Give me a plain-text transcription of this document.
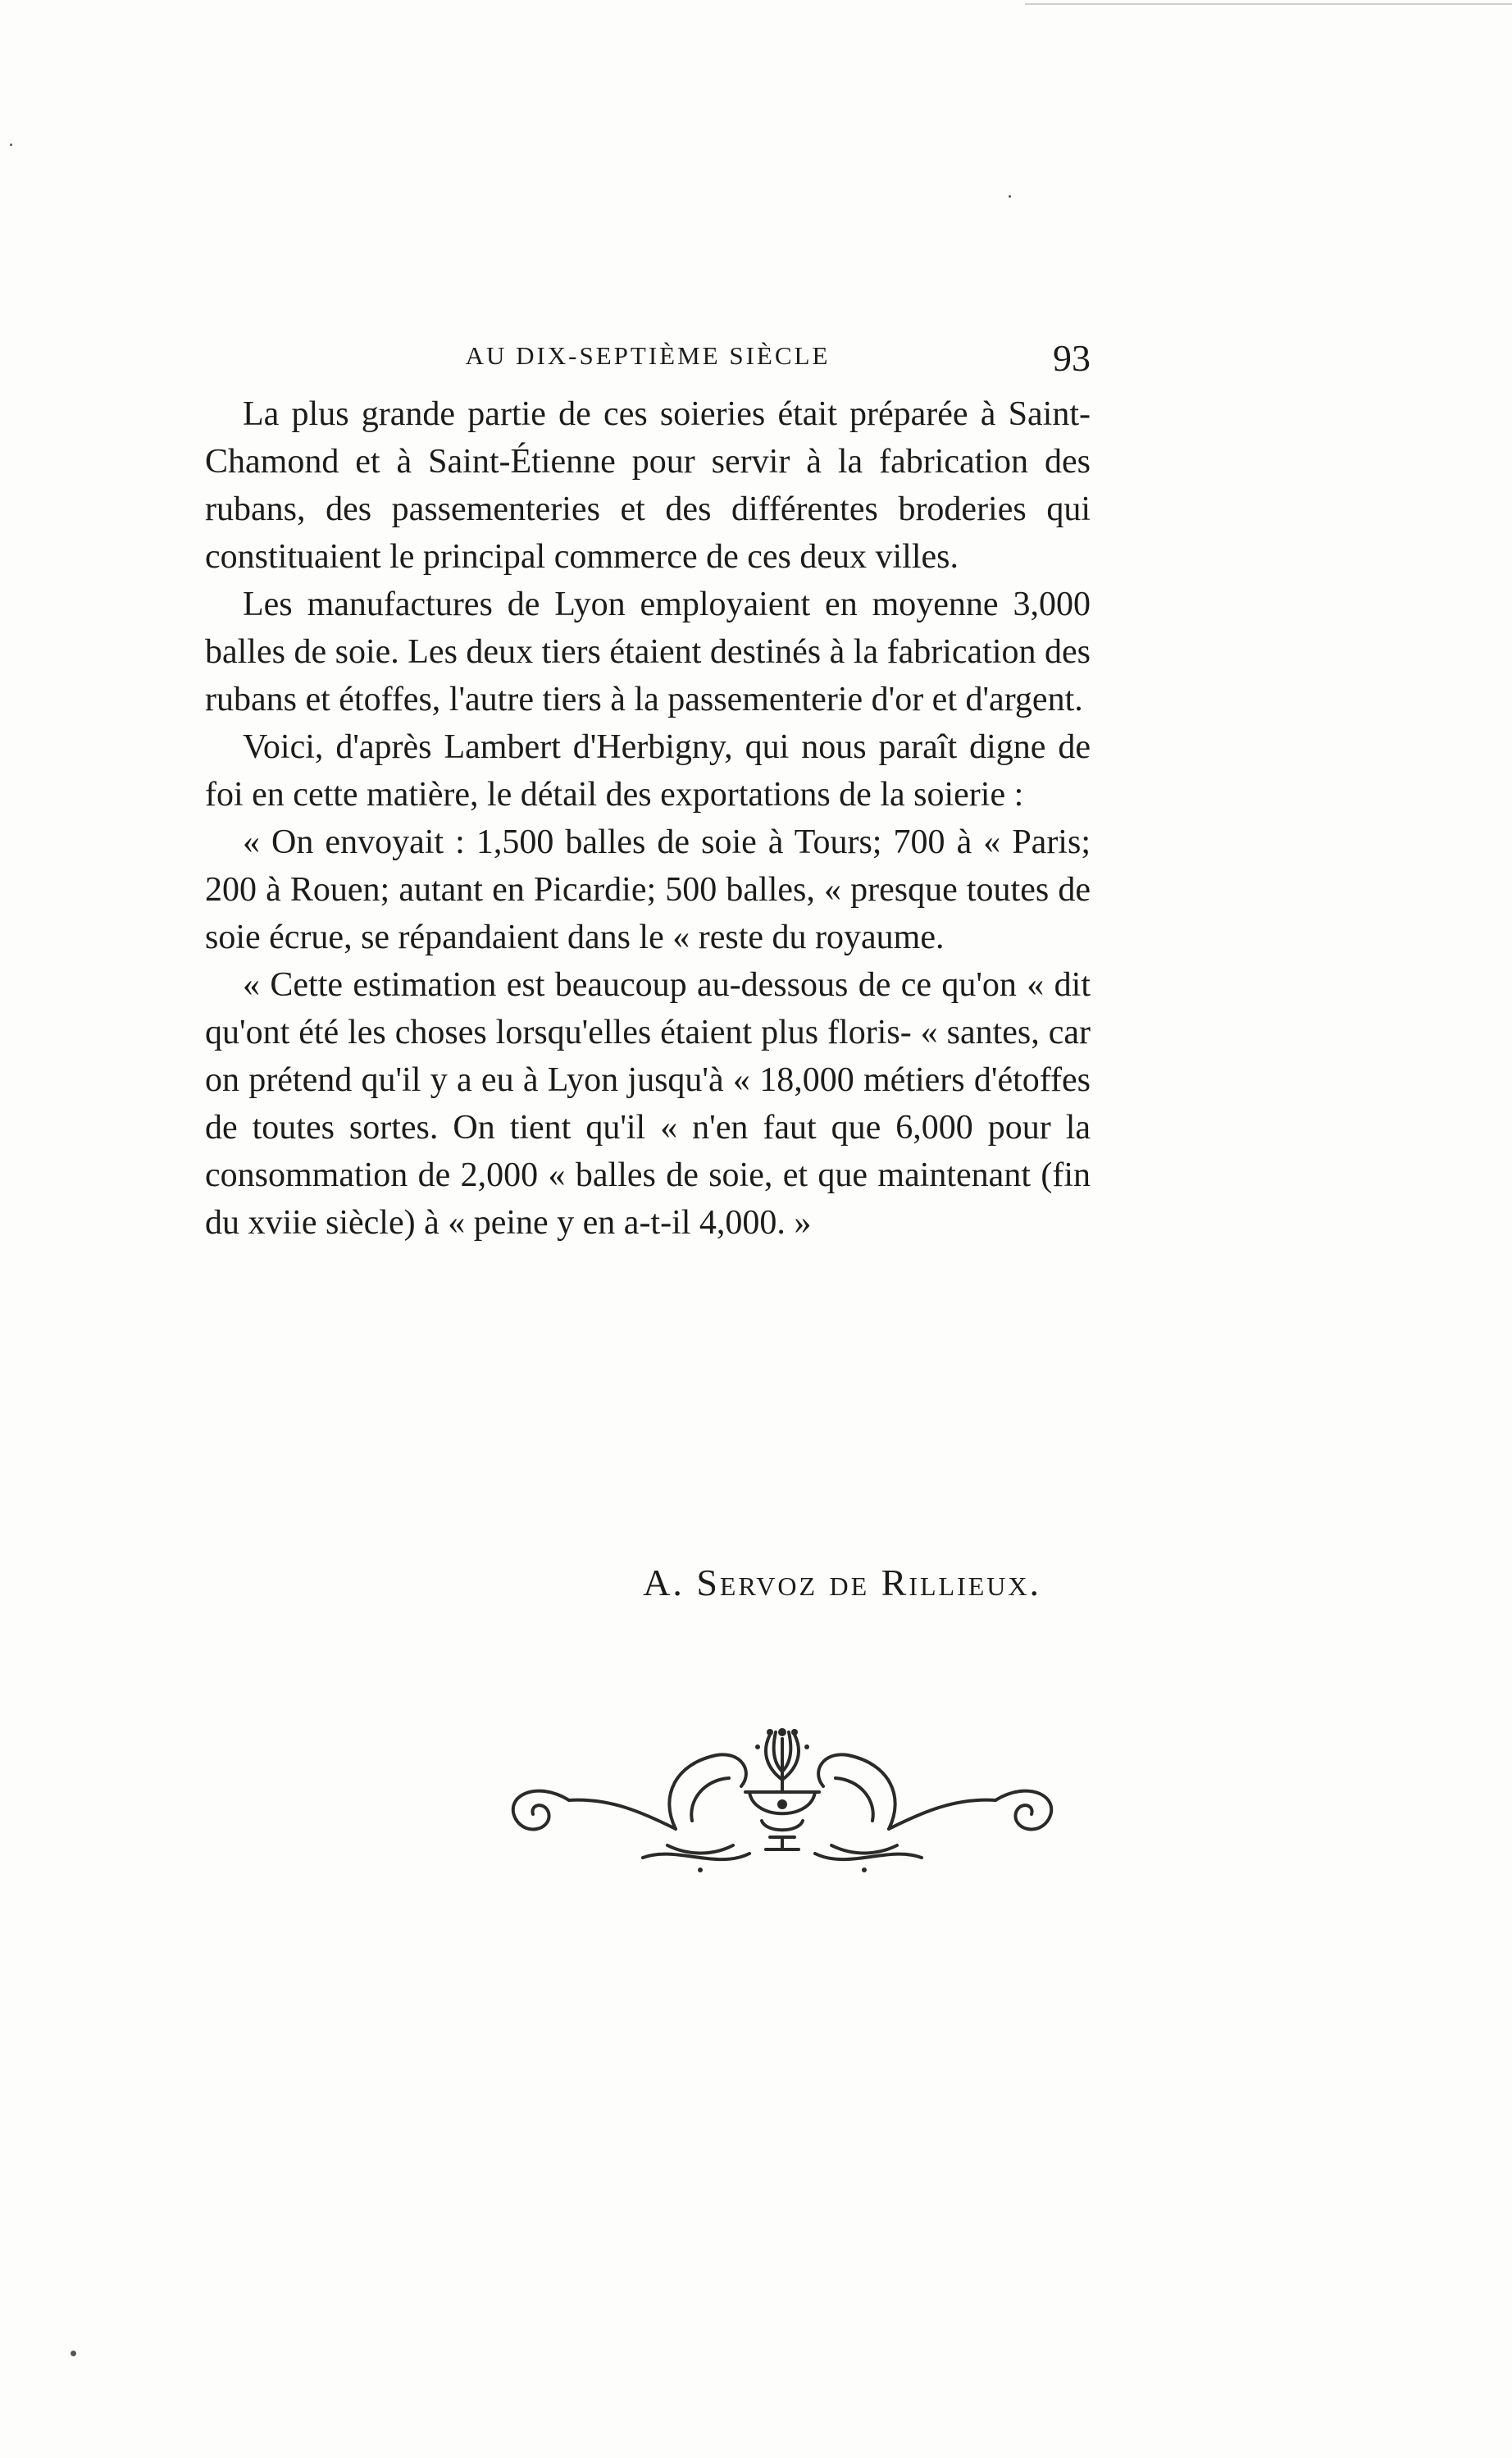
AU DIX-SEPTIÈME SIÈCLE	93

La plus grande partie de ces soieries était préparée à Saint-Chamond et à Saint-Étienne pour servir à la fabrication des rubans, des passementeries et des différentes broderies qui constituaient le principal commerce de ces deux villes.

Les manufactures de Lyon employaient en moyenne 3,000 balles de soie. Les deux tiers étaient destinés à la fabrication des rubans et étoffes, l'autre tiers à la passementerie d'or et d'argent.

Voici, d'après Lambert d'Herbigny, qui nous paraît digne de foi en cette matière, le détail des exportations de la soierie :

« On envoyait : 1,500 balles de soie à Tours; 700 à « Paris; 200 à Rouen; autant en Picardie; 500 balles, « presque toutes de soie écrue, se répandaient dans le « reste du royaume.

« Cette estimation est beaucoup au-dessous de ce qu'on « dit qu'ont été les choses lorsqu'elles étaient plus floris- « santes, car on prétend qu'il y a eu à Lyon jusqu'à « 18,000 métiers d'étoffes de toutes sortes. On tient qu'il « n'en faut que 6,000 pour la consommation de 2,000 « balles de soie, et que maintenant (fin du xviie siècle) à « peine y en a-t-il 4,000. »

A. Servoz de Rillieux.
